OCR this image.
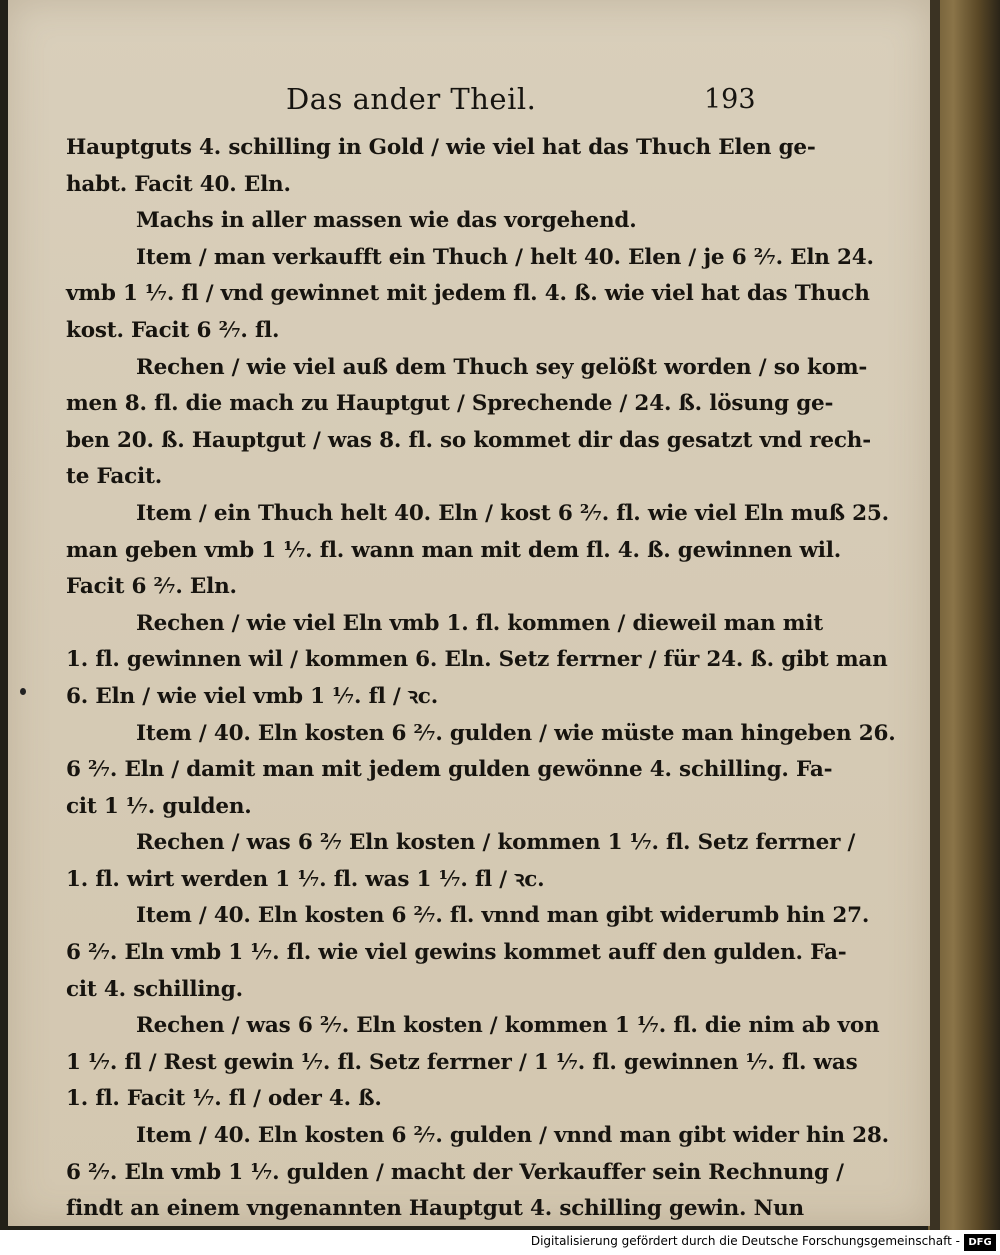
Das ander Theil.	193
Hauptguts 4. schilling in Gold / wie viel hat das Thuch Elen ge-
habt. Facit 40. Eln.
Machs in aller massen wie das vorgehend.
Item / man verkaufft ein Thuch / helt 40. Elen / je 6 ²⁄₇. Eln 24.
vmb 1 ¹⁄₇. fl / vnd gewinnet mit jedem fl. 4. ß. wie viel hat das Thuch
kost. Facit 6 ²⁄₇. fl.
Rechen / wie viel auß dem Thuch sey gelößt worden / so kom-
men 8. fl. die mach zu Hauptgut / Sprechende / 24. ß. lösung ge-
ben 20. ß. Hauptgut / was 8. fl. so kommet dir das gesatzt vnd rech-
te Facit.
Item / ein Thuch helt 40. Eln / kost 6 ²⁄₇. fl. wie viel Eln muß 25.
man geben vmb 1 ¹⁄₇. fl. wann man mit dem fl. 4. ß. gewinnen wil.
Facit 6 ²⁄₇. Eln.
Rechen / wie viel Eln vmb 1. fl. kommen / dieweil man mit
1. fl. gewinnen wil / kommen 6. Eln. Setz ferrner / für 24. ß. gibt man
6. Eln / wie viel vmb 1 ¹⁄₇. fl / ꝛc.
Item / 40. Eln kosten 6 ²⁄₇. gulden / wie müste man hingeben 26.
6 ²⁄₇. Eln / damit man mit jedem gulden gewönne 4. schilling. Fa-
cit 1 ¹⁄₇. gulden.
Rechen / was 6 ²⁄₇ Eln kosten / kommen 1 ¹⁄₇. fl. Setz ferrner /
1. fl. wirt werden 1 ¹⁄₇. fl. was 1 ¹⁄₇. fl / ꝛc.
Item / 40. Eln kosten 6 ²⁄₇. fl. vnnd man gibt widerumb hin 27.
6 ²⁄₇. Eln vmb 1 ¹⁄₇. fl. wie viel gewins kommet auff den gulden. Fa-
cit 4. schilling.
Rechen / was 6 ²⁄₇. Eln kosten / kommen 1 ¹⁄₇. fl. die nim ab von
1 ¹⁄₇. fl / Rest gewin ¹⁄₇. fl. Setz ferrner / 1 ¹⁄₇. fl. gewinnen ¹⁄₇. fl. was
1. fl. Facit ¹⁄₇. fl / oder 4. ß.
Item / 40. Eln kosten 6 ²⁄₇. gulden / vnnd man gibt wider hin 28.
6 ²⁄₇. Eln vmb 1 ¹⁄₇. gulden / macht der Verkauffer sein Rechnung /
findt an einem vngenannten Hauptgut 4. schilling gewin. Nun
Digitalisierung gefördert durch die Deutsche Forschungsgemeinschaft - DFG
